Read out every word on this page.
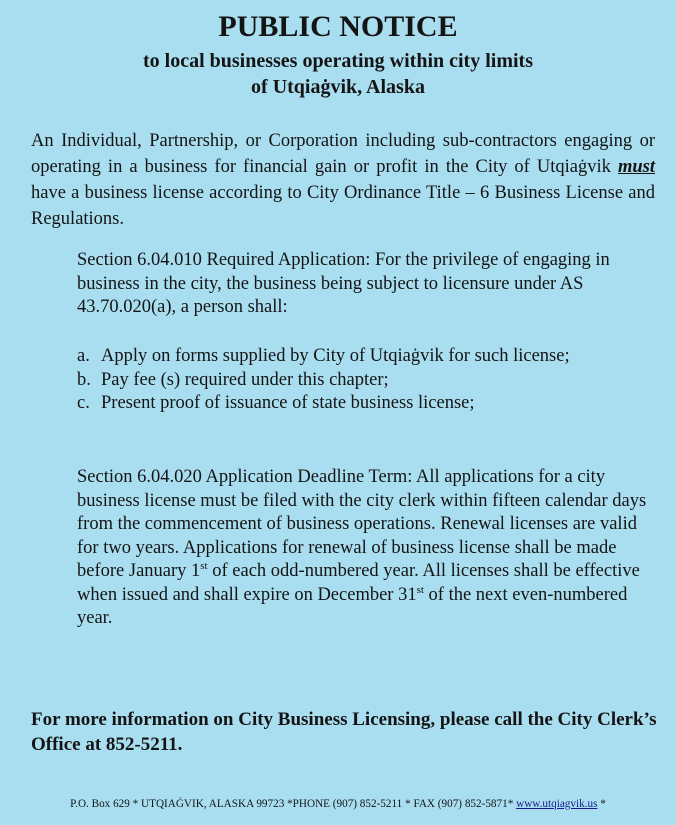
PUBLIC NOTICE
to local businesses operating within city limits
of Utqiaġvik, Alaska

An Individual, Partnership, or Corporation including sub-contractors engaging or operating in a business for financial gain or profit in the City of Utqiaġvik must have a business license according to City Ordinance Title – 6 Business License and Regulations.

Section 6.04.010 Required Application: For the privilege of engaging in business in the city, the business being subject to licensure under AS 43.70.020(a), a person shall:

a. Apply on forms supplied by City of Utqiaġvik for such license;
b. Pay fee (s) required under this chapter;
c. Present proof of issuance of state business license;

Section 6.04.020 Application Deadline Term: All applications for a city business license must be filed with the city clerk within fifteen calendar days from the commencement of business operations. Renewal licenses are valid for two years. Applications for renewal of business license shall be made before January 1st of each odd-numbered year. All licenses shall be effective when issued and shall expire on December 31st of the next even-numbered year.

For more information on City Business Licensing, please call the City Clerk’s Office at 852-5211.

P.O. Box 629 * UTQIAĠVIK, ALASKA 99723 *PHONE (907) 852-5211 * FAX (907) 852-5871* www.utqiagvik.us *
